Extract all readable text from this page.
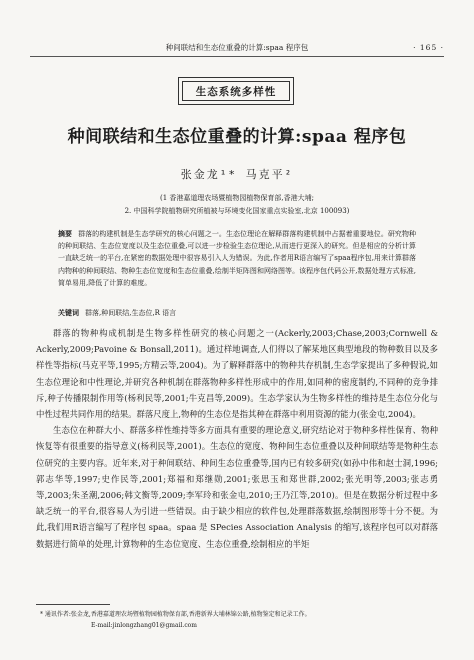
种间联结和生态位重叠的计算:spaa 程序包	· 165 ·
生态系统多样性
种间联结和生态位重叠的计算:spaa 程序包
张金龙¹* 马克平²
(1 香港嘉道理农场暨植物园植物保育部,香港大埔;
2. 中国科学院植物研究所植被与环境变化国家重点实验室,北京 100093)

摘要 群落的构建机制是生态学研究的核心问题之一。生态位理论在解释群落构建机制中占据着重要地位。研究物种的种间联结、生态位宽度以及生态位重叠,可以进一步检验生态位理论,从而进行更深入的研究。但是相应的分析计算一直缺乏统一的平台,在紧密的数据处理中很容易引入人为错误。为此,作者用R语言编写了spaa程序包,用来计算群落内物种的种间联结、物种生态位宽度和生态位重叠,绘制半矩阵图和网络图等。该程序包代码公开,数据处理方式标准,简单易用,降低了计算的难度。

关键词 群落,种间联结,生态位,R 语言

群落的物种构成机制是生物多样性研究的核心问题之一(Ackerly,2003;Chase,2003;Cornwell & Ackerly,2009;Pavoine & Bonsall,2011)。通过样地调查,人们得以了解某地区典型地段的物种数目以及多样性等指标(马克平等,1995;方精云等,2004)。为了解释群落中的物种共存机制,生态学家提出了多种假说,如生态位理论和中性理论,并研究各种机制在群落物种多样性形成中的作用,如同种的密度制约,不同种的竞争排斥,种子传播限制作用等(杨利民等,2001;牛克昌等,2009)。生态学家认为生物多样性的维持是生态位分化与中性过程共同作用的结果。群落尺度上,物种的生态位是指其种在群落中利用资源的能力(张金屯,2004)。

生态位在种群大小、群落多样性维持等多方面具有重要的理论意义,研究结论对于物种多样性保育、物种恢复等有很重要的指导意义(杨利民等,2001)。生态位的宽度、物种间生态位重叠以及种间联结等是物种生态位研究的主要内容。近年来,对于种间联结、种间生态位重叠等,国内已有较多研究(如孙中伟和赵士洞,1996;郭志华等,1997;史作民等,2001;郑福和郑继勋,2001;张思玉和郑世群,2002;张光明等,2003;张志勇等,2003;朱圣潮,2006;韩文衡等,2009;李军玲和张金屯,2010;王乃江等,2010)。但是在数据分析过程中多缺乏统一的平台,很容易人为引进一些错误。由于缺少相应的软件包,处理群落数据,绘制图形等十分不便。为此,我们用R语言编写了程序包 spaa。spaa 是 SPecies Association Analysis 的缩写,该程序包可以对群落数据进行简单的处理,计算物种的生态位宽度、生态位重叠,绘制相应的半矩

* 通讯作者:张金龙,香港嘉道理农场暨植物园植物保育部,香港新界大埔林锦公路,植物鉴定和记录工作。
E-mail:jinlongzhang01@gmail.com
